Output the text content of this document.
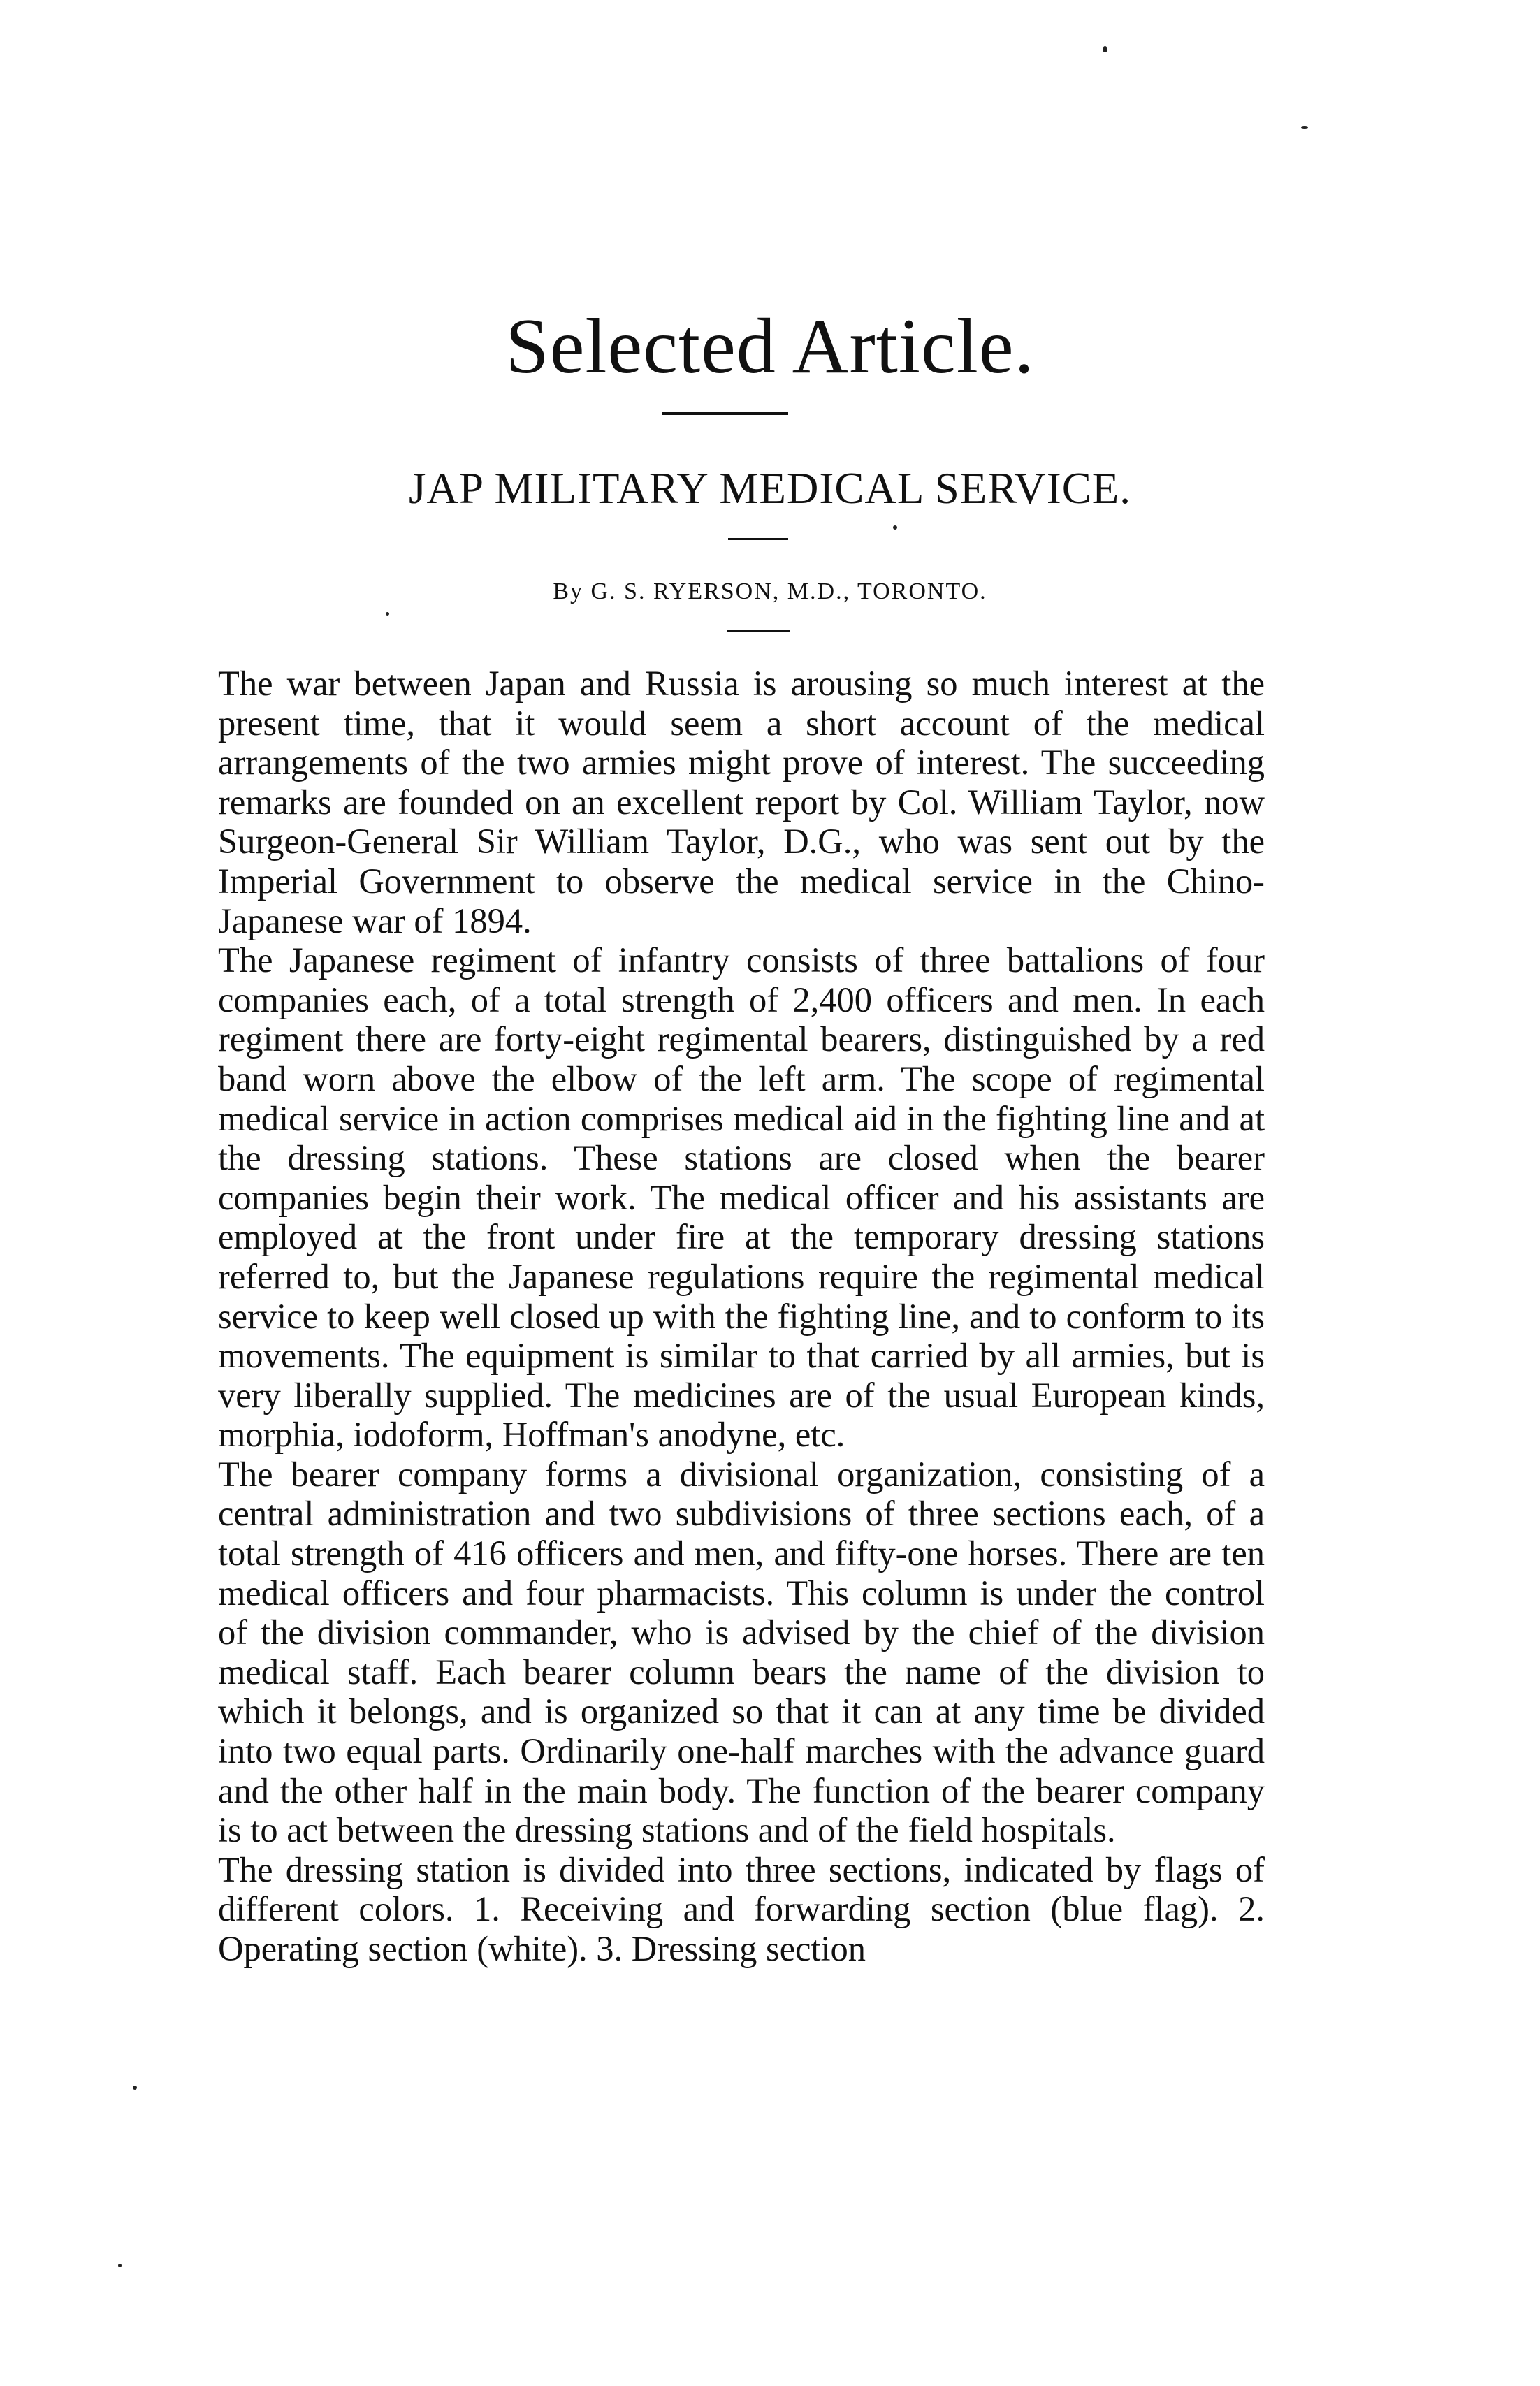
Selected Article.
JAP MILITARY MEDICAL SERVICE.
By G. S. RYERSON, M.D., TORONTO.

The war between Japan and Russia is arousing so much interest at the present time, that it would seem a short account of the medical arrangements of the two armies might prove of interest. The succeeding remarks are founded on an excellent report by Col. William Taylor, now Surgeon-General Sir William Taylor, D.G., who was sent out by the Imperial Government to observe the medical service in the Chino-Japanese war of 1894.

The Japanese regiment of infantry consists of three battalions of four companies each, of a total strength of 2,400 officers and men. In each regiment there are forty-eight regimental bearers, distinguished by a red band worn above the elbow of the left arm. The scope of regimental medical service in action comprises medical aid in the fighting line and at the dressing stations. These stations are closed when the bearer companies begin their work. The medical officer and his assistants are employed at the front under fire at the temporary dressing stations referred to, but the Japanese regulations require the regimental medical service to keep well closed up with the fighting line, and to conform to its movements. The equipment is similar to that carried by all armies, but is very liberally supplied. The medicines are of the usual European kinds, morphia, iodoform, Hoffman's anodyne, etc.

The bearer company forms a divisional organization, consisting of a central administration and two subdivisions of three sections each, of a total strength of 416 officers and men, and fifty-one horses. There are ten medical officers and four pharmacists. This column is under the control of the division commander, who is advised by the chief of the division medical staff. Each bearer column bears the name of the division to which it belongs, and is organized so that it can at any time be divided into two equal parts. Ordinarily one-half marches with the advance guard and the other half in the main body. The function of the bearer company is to act between the dressing stations and of the field hospitals.

The dressing station is divided into three sections, indicated by flags of different colors. 1. Receiving and forwarding section (blue flag). 2. Operating section (white). 3. Dressing section
